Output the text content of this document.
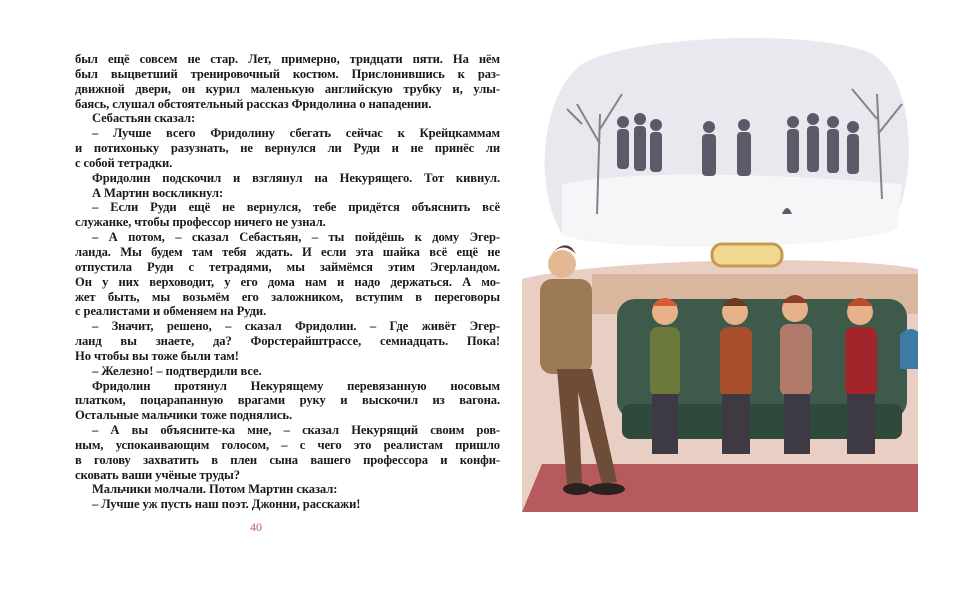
был ещё совсем не стар. Лет, примерно, тридцати пяти. На нём
был выцветший тренировочный костюм. Прислонившись к раз-
движной двери, он курил маленькую английскую трубку и, улы-
баясь, слушал обстоятельный рассказ Фридолина о нападении.
Себастьян сказал:
– Лучше всего Фридолину сбегать сейчас к Крейцкаммам
и потихоньку разузнать, не вернулся ли Руди и не принёс ли
с собой тетрадки.
Фридолин подскочил и взглянул на Некурящего. Тот кивнул.
А Мартин воскликнул:
– Если Руди ещё не вернулся, тебе придётся объяснить всё
служанке, чтобы профессор ничего не узнал.
– А потом, – сказал Себастьян, – ты пойдёшь к дому Эгер-
ланда. Мы будем там тебя ждать. И если эта шайка всё ещё не
отпустила Руди с тетрадями, мы займёмся этим Эгерландом.
Он у них верховодит, у его дома нам и надо держаться. А мо-
жет быть, мы возьмём его заложником, вступим в переговоры
с реалистами и обменяем на Руди.
– Значит, решено, – сказал Фридолин. – Где живёт Эгер-
ланд вы знаете, да? Форстерайштрассе, семнадцать. Пока!
Но чтобы вы тоже были там!
– Железно! – подтвердили все.
Фридолин протянул Некурящему перевязанную носовым
платком, поцарапанную врагами руку и выскочил из вагона.
Остальные мальчики тоже поднялись.
– А вы объясните-ка мне, – сказал Некурящий своим ров-
ным, успокаивающим голосом, – с чего это реалистам пришло
в голову захватить в плен сына вашего профессора и конфи-
сковать ваши учёные труды?
Мальчики молчали. Потом Мартин сказал:
– Лучше уж пусть наш поэт. Джонни, расскажи!
40
